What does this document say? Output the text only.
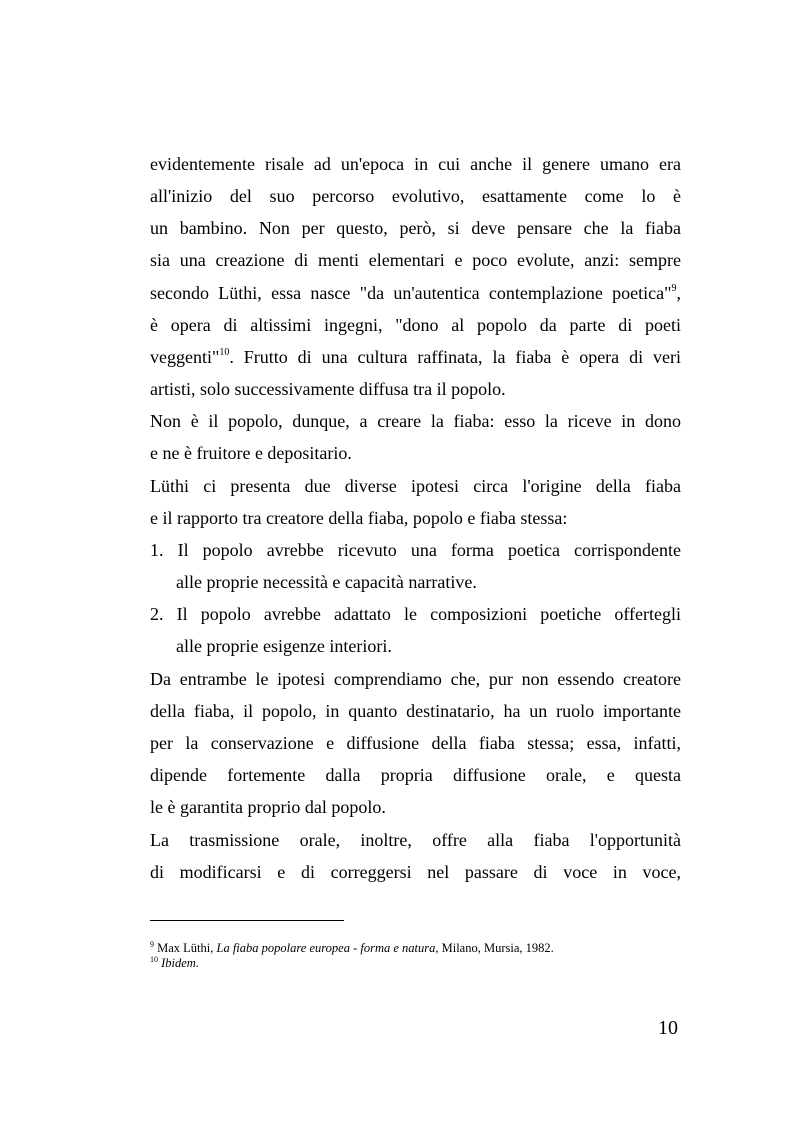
evidentemente risale ad un'epoca in cui anche il genere umano era
all'inizio del suo percorso evolutivo, esattamente come lo è
un bambino. Non per questo, però, si deve pensare che la fiaba
sia una creazione di menti elementari e poco evolute, anzi: sempre
secondo Lüthi, essa nasce "da un'autentica contemplazione poetica"$^9$,
è opera di altissimi ingegni, "dono al popolo da parte di poeti
veggenti"$^{10}$. Frutto di una cultura raffinata, la fiaba è opera di veri
artisti, solo successivamente diffusa tra il popolo.
Non è il popolo, dunque, a creare la fiaba: esso la riceve in dono
e ne è fruitore e depositario.
Lüthi ci presenta due diverse ipotesi circa l'origine della fiaba
e il rapporto tra creatore della fiaba, popolo e fiaba stessa:
1. Il popolo avrebbe ricevuto una forma poetica corrispondente
alle proprie necessità e capacità narrative.
2. Il popolo avrebbe adattato le composizioni poetiche offertegli
alle proprie esigenze interiori.
Da entrambe le ipotesi comprendiamo che, pur non essendo creatore
della fiaba, il popolo, in quanto destinatario, ha un ruolo importante
per la conservazione e diffusione della fiaba stessa; essa, infatti,
dipende fortemente dalla propria diffusione orale, e questa
le è garantita proprio dal popolo.
La trasmissione orale, inoltre, offre alla fiaba l'opportunità
di modificarsi e di correggersi nel passare di voce in voce,
$^9$ Max Lüthi, La fiaba popolare europea - forma e natura, Milano, Mursia, 1982.
$^{10}$ Ibidem.
10
